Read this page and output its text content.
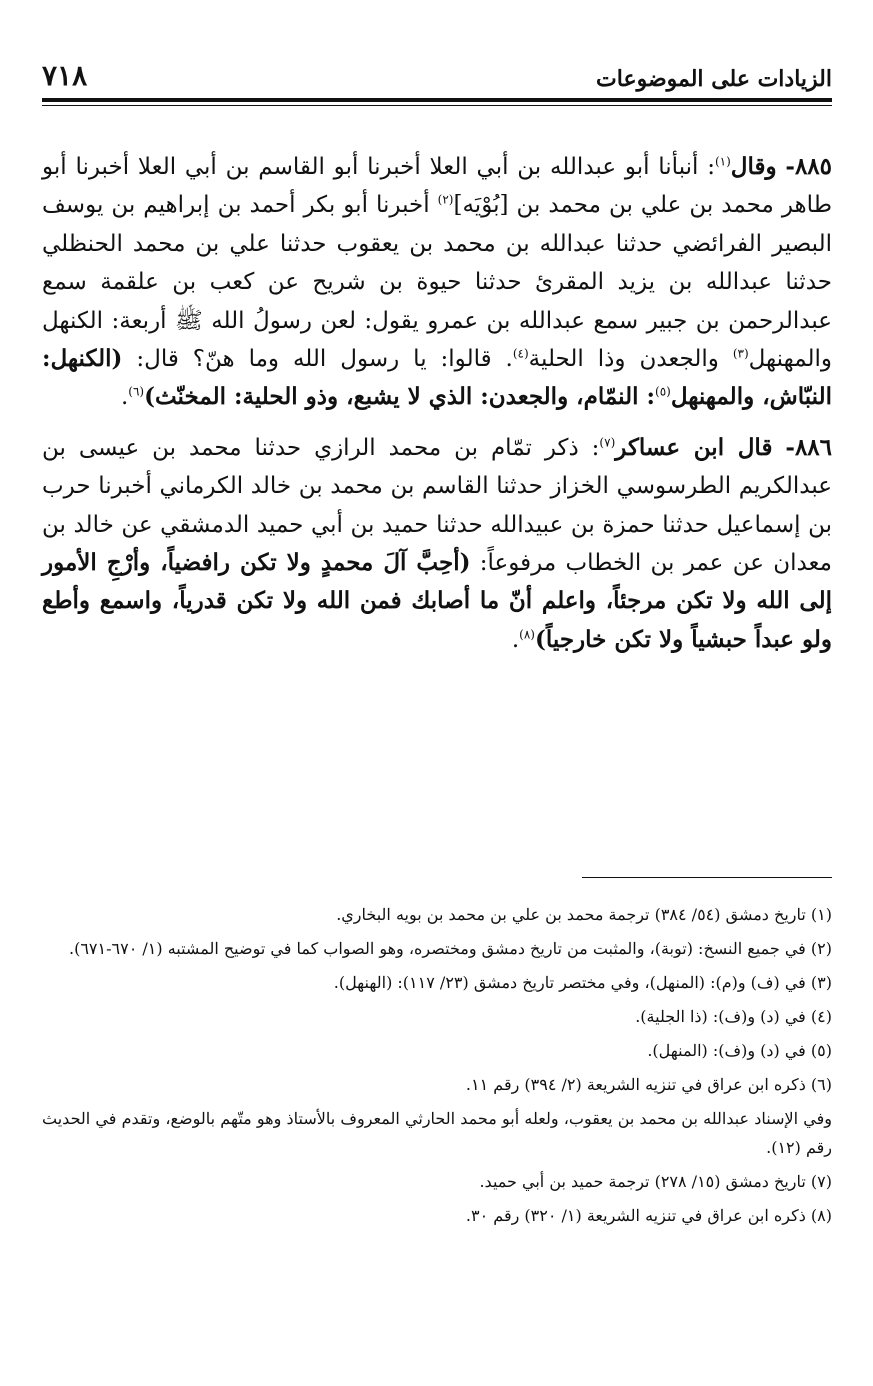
الزيادات على الموضوعات
٧١٨

٨٨٥- وقال$^{(١)}$: أنبأنا أبو عبدالله بن أبي العلا أخبرنا أبو القاسم بن أبي العلا أخبرنا أبو طاهر محمد بن علي بن محمد بن [بُوْيَه]$^{(٢)}$ أخبرنا أبو بكر أحمد بن إبراهيم بن يوسف البصير الفرائضي حدثنا عبدالله بن محمد بن يعقوب حدثنا علي بن محمد الحنظلي حدثنا عبدالله بن يزيد المقرئ حدثنا حيوة بن شريح عن كعب بن علقمة سمع عبدالرحمن بن جبير سمع عبدالله بن عمرو يقول: لعن رسولُ الله ﷺ أربعة: الكنهل والمهنهل$^{(٣)}$ والجعدن وذا الحلية$^{(٤)}$. قالوا: يا رسول الله وما هنّ؟ قال: (الكنهل: النبّاش، والمهنهل$^{(٥)}$: النمّام، والجعدن: الذي لا يشبع، وذو الحلية: المخنّث)$^{(٦)}$.

٨٨٦- قال ابن عساكر$^{(٧)}$: ذكر تمّام بن محمد الرازي حدثنا محمد بن عيسى بن عبدالكريم الطرسوسي الخزاز حدثنا القاسم بن محمد بن خالد الكرماني أخبرنا حرب بن إسماعيل حدثنا حمزة بن عبيدالله حدثنا حميد بن أبي حميد الدمشقي عن خالد بن معدان عن عمر بن الخطاب مرفوعاً: (أحِبَّ آلَ محمدٍ ولا تكن رافضياً، وأرْجِ الأمور إلى الله ولا تكن مرجئاً، واعلم أنّ ما أصابك فمن الله ولا تكن قدرياً، واسمع وأطع ولو عبداً حبشياً ولا تكن خارجياً)$^{(٨)}$.

(١) تاريخ دمشق (٥٤/ ٣٨٤) ترجمة محمد بن علي بن محمد بن بويه البخاري.

(٢) في جميع النسخ: (توبة)، والمثبت من تاريخ دمشق ومختصره، وهو الصواب كما في توضيح المشتبه (١/ ٦٧٠-٦٧١).

(٣) في (ف) و(م): (المنهل)، وفي مختصر تاريخ دمشق (٢٣/ ١١٧): (الهنهل).

(٤) في (د) و(ف): (ذا الجلية).

(٥) في (د) و(ف): (المنهل).

(٦) ذكره ابن عراق في تنزيه الشريعة (٢/ ٣٩٤) رقم ١١.

وفي الإسناد عبدالله بن محمد بن يعقوب، ولعله أبو محمد الحارثي المعروف بالأستاذ وهو متّهم بالوضع، وتقدم في الحديث رقم (١٢).

(٧) تاريخ دمشق (١٥/ ٢٧٨) ترجمة حميد بن أبي حميد.

(٨) ذكره ابن عراق في تنزيه الشريعة (١/ ٣٢٠) رقم ٣٠.
